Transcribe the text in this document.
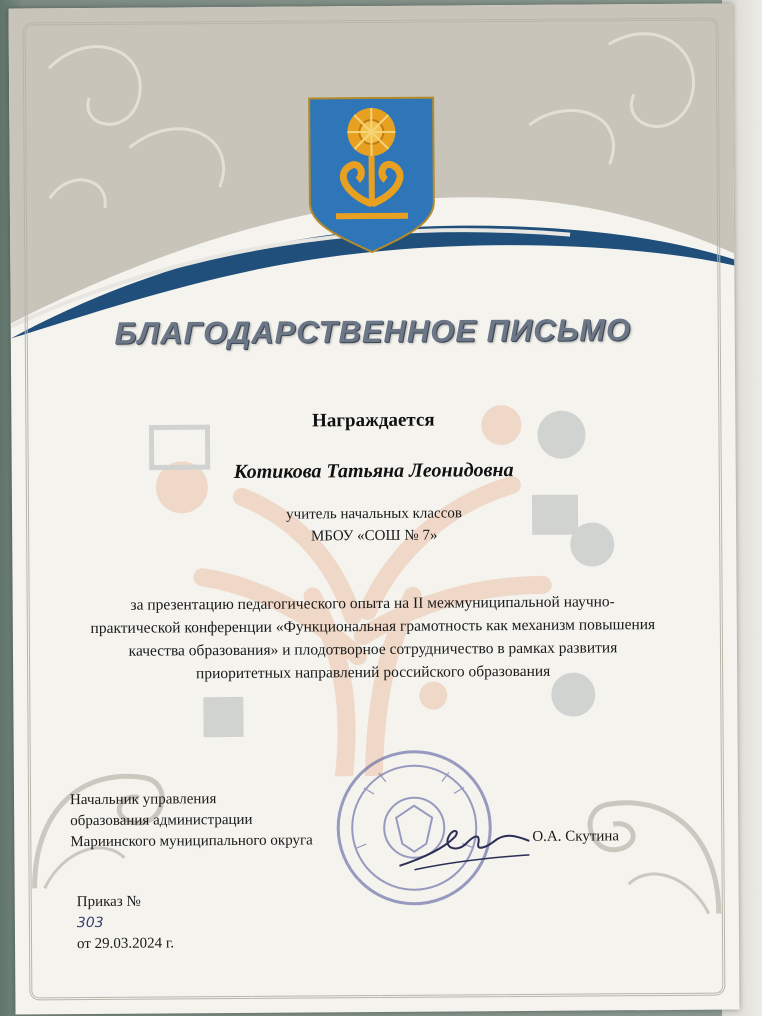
БЛАГОДАРСТВЕННОЕ ПИСЬМО
Награждается
Котикова Татьяна Леонидовна
учитель начальных классов
МБОУ «СОШ № 7»
за презентацию педагогического опыта на II межмуниципальной научно-
практической конференции «Функциональная грамотность как механизм повышения
качества образования» и плодотворное сотрудничество в рамках развития
приоритетных направлений российского образования
Начальник управления
образования администрации
Мариинского муниципального округа	О.А. Скутина
Приказ №
303
от 29.03.2024 г.
